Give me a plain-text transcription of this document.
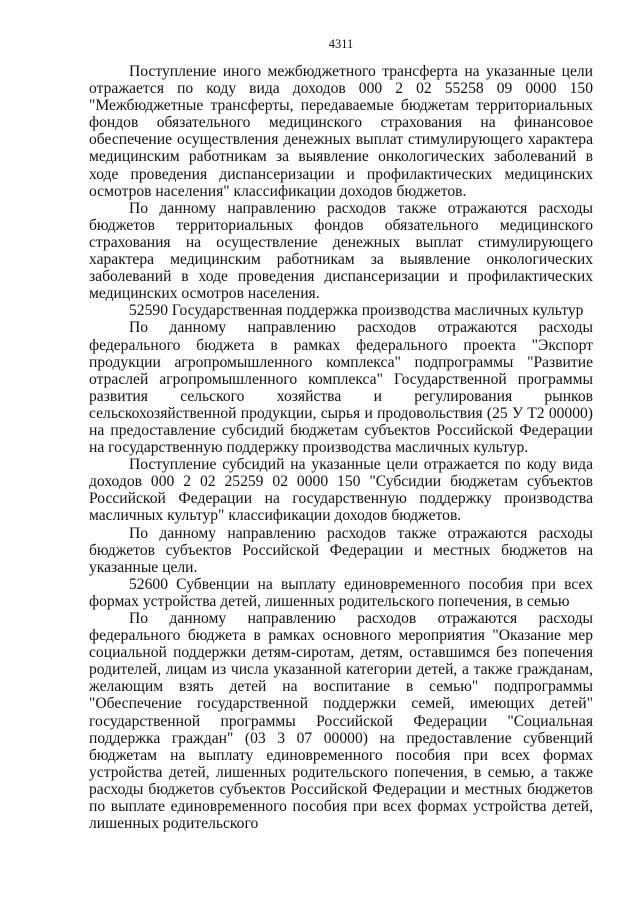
4311

Поступление иного межбюджетного трансферта на указанные цели отражается по коду вида доходов 000 2 02 55258 09 0000 150 "Межбюджетные трансферты, передаваемые бюджетам территориальных фондов обязательного медицинского страхования на финансовое обеспечение осуществления денежных выплат стимулирующего характера медицинским работникам за выявление онкологических заболеваний в ходе проведения диспансеризации и профилактических медицинских осмотров населения" классификации доходов бюджетов.

По данному направлению расходов также отражаются расходы бюджетов территориальных фондов обязательного медицинского страхования на осуществление денежных выплат стимулирующего характера медицинским работникам за выявление онкологических заболеваний в ходе проведения диспансеризации и профилактических медицинских осмотров населения.

52590 Государственная поддержка производства масличных культур

По данному направлению расходов отражаются расходы федерального бюджета в рамках федерального проекта "Экспорт продукции агропромышленного комплекса" подпрограммы "Развитие отраслей агропромышленного комплекса" Государственной программы развития сельского хозяйства и регулирования рынков сельскохозяйственной продукции, сырья и продовольствия (25 У Т2 00000) на предоставление субсидий бюджетам субъектов Российской Федерации на государственную поддержку производства масличных культур.

Поступление субсидий на указанные цели отражается по коду вида доходов 000 2 02 25259 02 0000 150 "Субсидии бюджетам субъектов Российской Федерации на государственную поддержку производства масличных культур" классификации доходов бюджетов.

По данному направлению расходов также отражаются расходы бюджетов субъектов Российской Федерации и местных бюджетов на указанные цели.

52600 Субвенции на выплату единовременного пособия при всех формах устройства детей, лишенных родительского попечения, в семью

По данному направлению расходов отражаются расходы федерального бюджета в рамках основного мероприятия "Оказание мер социальной поддержки детям-сиротам, детям, оставшимся без попечения родителей, лицам из числа указанной категории детей, а также гражданам, желающим взять детей на воспитание в семью" подпрограммы "Обеспечение государственной поддержки семей, имеющих детей" государственной программы Российской Федерации "Социальная поддержка граждан" (03 3 07 00000) на предоставление субвенций бюджетам на выплату единовременного пособия при всех формах устройства детей, лишенных родительского попечения, в семью, а также расходы бюджетов субъектов Российской Федерации и местных бюджетов по выплате единовременного пособия при всех формах устройства детей, лишенных родительского
